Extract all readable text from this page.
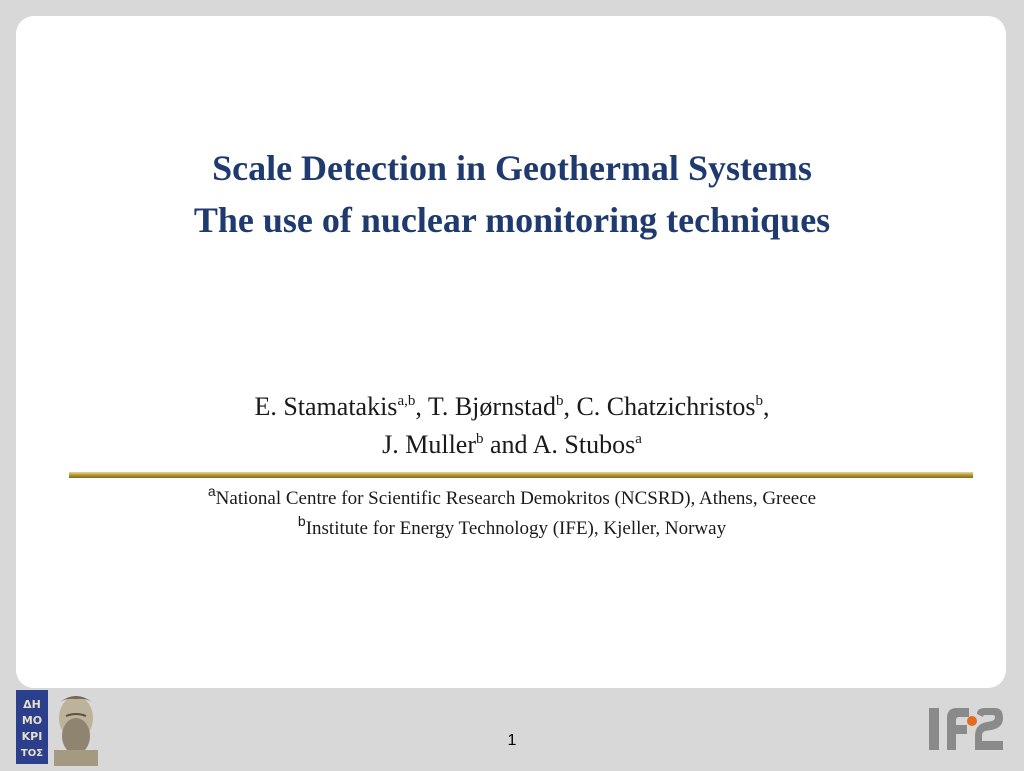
Scale Detection in Geothermal Systems
The use of nuclear monitoring techniques
E. Stamatakis$^{a,b}$, T. Bjørnstad$^b$, C. Chatzichristos$^b$,
J. Muller$^b$ and A. Stubos$^a$
$^a$National Centre for Scientific Research Demokritos (NCSRD), Athens, Greece
$^b$Institute for Energy Technology (IFE), Kjeller, Norway
ΔΗ
ΜΟ
ΚΡΙ
ΤΟΣ
1
